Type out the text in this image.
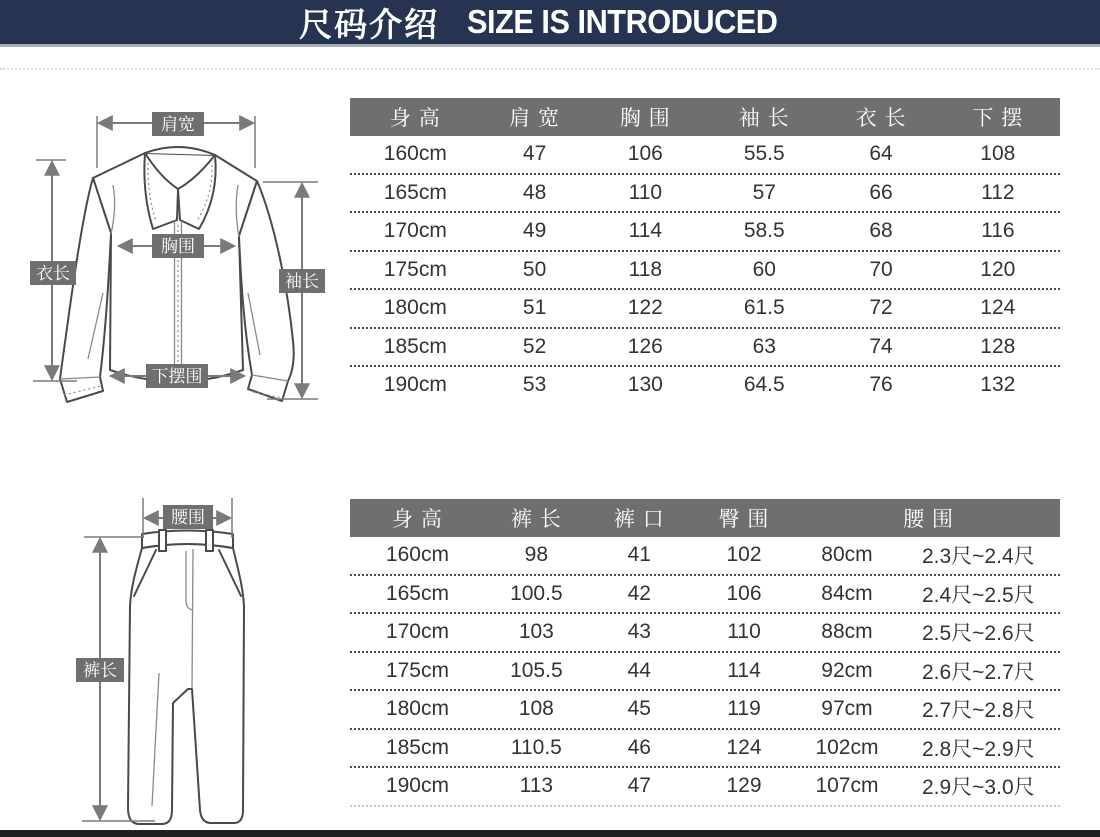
尺码介绍 SIZE IS INTRODUCED
肩宽
衣长	袖长
胸围
下摆围
腰围
裤长
身 高	肩 宽	胸 围	袖 长	衣 长	下 摆
160cm	47	106	55.5	64	108
165cm	48	110	57	66	112
170cm	49	114	58.5	68	116
175cm	50	118	60	70	120
180cm	51	122	61.5	72	124
185cm	52	126	63	74	128
190cm	53	130	64.5	76	132
身 高	裤 长	裤 口	臀 围	腰 围
160cm	98	41	102	80cm	2.3尺~2.4尺
165cm	100.5	42	106	84cm	2.4尺~2.5尺
170cm	103	43	110	88cm	2.5尺~2.6尺
175cm	105.5	44	114	92cm	2.6尺~2.7尺
180cm	108	45	119	97cm	2.7尺~2.8尺
185cm	110.5	46	124	102cm	2.8尺~2.9尺
190cm	113	47	129	107cm	2.9尺~3.0尺
